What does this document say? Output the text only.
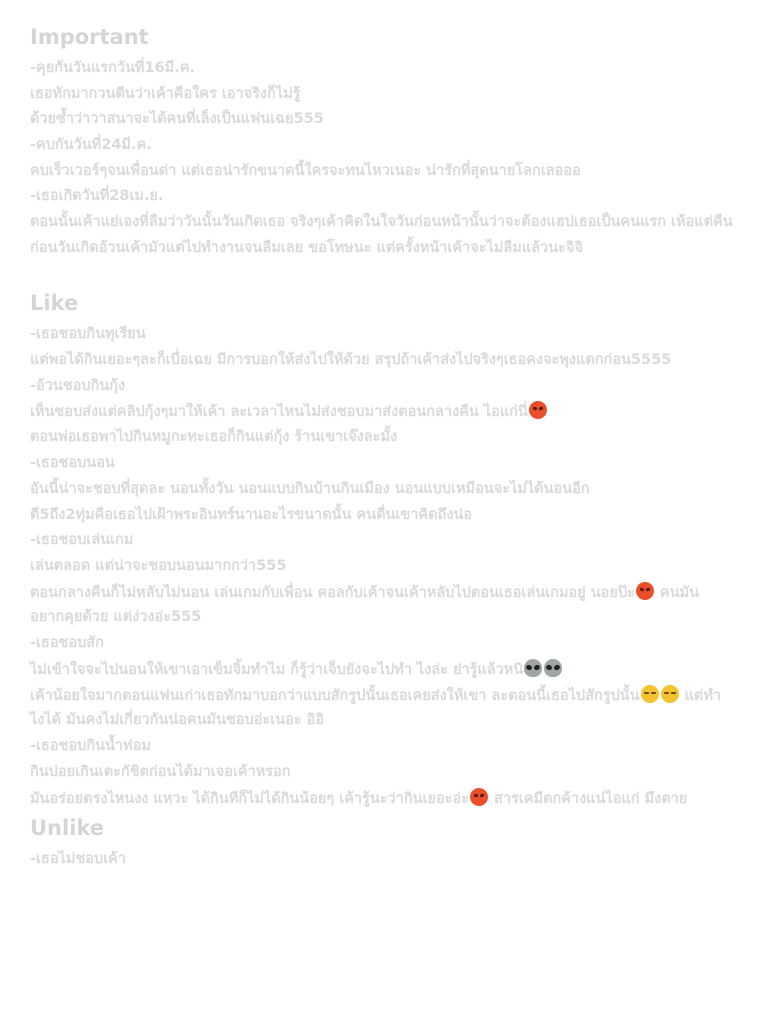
Important

-คุยกันวันแรกวันที่16มี.ค.

เธอทักมากวนตีนว่าเค้าคือใคร เอาจริงก็ไม่รู้

ด้วยซ้ำว่าวาสนาจะได้คนที่เล็งเป็นแฟนเฉย555

-คบกันวันที่24มี.ค.

คบเร็วเวอร์ๆจนเพื่อนด่า แต่เธอน่ารักขนาดนี้ใครจะทนไหวเนอะ น่ารักที่สุดนายโลกเลอออ

-เธอเกิดวันที่28เม.ย.

ตอนนั้นเค้าแย่เองที่ลืมว่าวันนั้นวันเกิดเธอ จริงๆเค้าคิดในใจวันก่อนหน้านั้นว่าจะต้องแฮปเธอเป็นคนแรก เห้อแต่คืน

ก่อนวันเกิดอ้วนเค้ามัวแต่ไปทำงานจนลืมเลย ขอโทษนะ แต่ครั้งหน้าเค้าจะไม่ลืมแล้วนะจิจิ

Like

-เธอชอบกินทุเรียน

แต่พอได้กินเยอะๆละก็เบื่อเฉย มีการบอกให้ส่งไปให้ด้วย สรุปถ้าเค้าส่งไปจริงๆเธอคงจะพุงแตกก่อน5555

-อ้วนชอบกินกุ้ง

เห็นชอบส่งแต่คลิปกุ้งๆมาให้เค้า ละเวลาไหนไม่ส่งชอบมาส่งตอนกลางคืน ไอแก่นี่

ตอนพ่อเธอพาไปกินหมูกะทะเธอก็กินแต่กุ้ง ร้านเขาเจ๊งละมั้ง

-เธอชอบนอน

อันนี้น่าจะชอบที่สุดละ นอนทั้งวัน นอนแบบกินบ้านกินเมือง นอนแบบเหมือนจะไม่ได้นอนอีก

ตี5ถึง2ทุ่มคือเธอไปเฝ้าพระอินทร์นานอะไรขนาดนั้น คนตื่นเขาคิดถึงน่อ

-เธอชอบเล่นเกม

เล่นตลอด แต่น่าจะชอบนอนมากกว่า555

ตอนกลางคืนก็ไม่หลับไม่นอน เล่นเกมกับเพื่อน คอลกับเค้าจนเค้าหลับไปตอนเธอเล่นเกมอยู่ นอยป๊ะ คนมัน

อยากคุยด้วย แต่ง่วงอ่ะ555

-เธอชอบสัก

ไม่เข้าใจจะไปนอนให้เขาเอาเข็มจิ้มทำไม ก็รู้ว่าเจ็บยังจะไปทำ ไงล่ะ ย่ารู้แล้วหนิ

เค้าน้อยใจมากตอนแฟนเก่าเธอทักมาบอกว่าแบบสักรูปนั้นเธอเคยส่งให้เขา ละตอนนี้เธอไปสักรูปนั้น	แต่ทำ

ไงได้ มันคงไม่เกี่ยวกันน่อคนมันชอบอ่ะเนอะ อิอิ

-เธอชอบกินน้ำท่อม

กินบ่อยเกินเตะกัชิตก่อนได้มาเจอเค้าหรอก

มันอร่อยตรงไหนงง แหวะ ได้กินทีก็ไม่ได้กินน้อยๆ เค้ารู้นะว่ากินเยอะอ่ะ สารเคมีตกค้างแน่ไอแก่ มึงตาย

Unlike

-เธอไม่ชอบเค้า
